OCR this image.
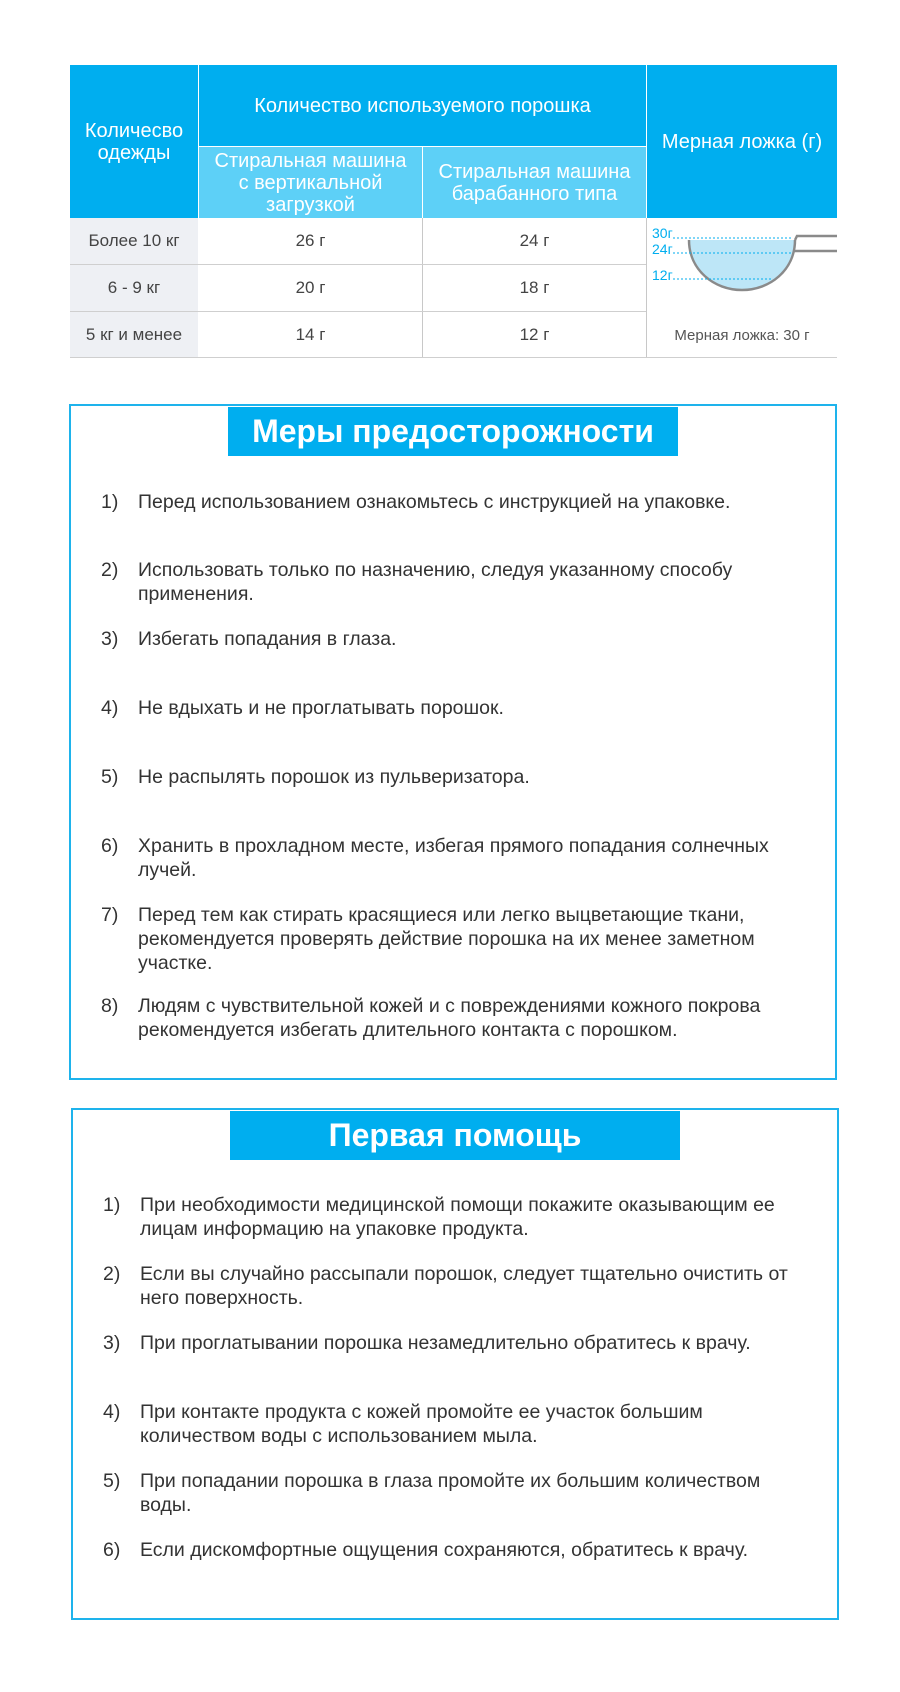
Количесво одежды
Количество используемого порошка
Стиральная машина с вертикальной загрузкой
Стиральная машина барабанного типа
Мерная ложка (г)
Более 10 кг	26 г	24 г
6 - 9 кг	20 г	18 г
5 кг и менее	14 г	12 г
30г
24г
12г
Мерная ложка: 30 г
Меры предосторожности
1) Перед использованием ознакомьтесь с инструкцией на упаковке.
2) Использовать только по назначению, следуя указанному способу применения.
3) Избегать попадания в глаза.
4) Не вдыхать и не проглатывать порошок.
5) Не распылять порошок из пульверизатора.
6) Хранить в прохладном месте, избегая прямого попадания солнечных лучей.
7) Перед тем как стирать красящиеся или легко выцветающие ткани, рекомендуется проверять действие порошка на их менее заметном участке.
8) Людям с чувствительной кожей и с повреждениями кожного покрова рекомендуется избегать длительного контакта с порошком.
Первая помощь
1) При необходимости медицинской помощи покажите оказывающим ее лицам информацию на упаковке продукта.
2) Если вы случайно рассыпали порошок, следует тщательно очистить от него поверхность.
3) При проглатывании порошка незамедлительно обратитесь к врачу.
4) При контакте продукта с кожей промойте ее участок большим количеством воды с использованием мыла.
5) При попадании порошка в глаза промойте их большим количеством воды.
6) Если дискомфортные ощущения сохраняются, обратитесь к врачу.
